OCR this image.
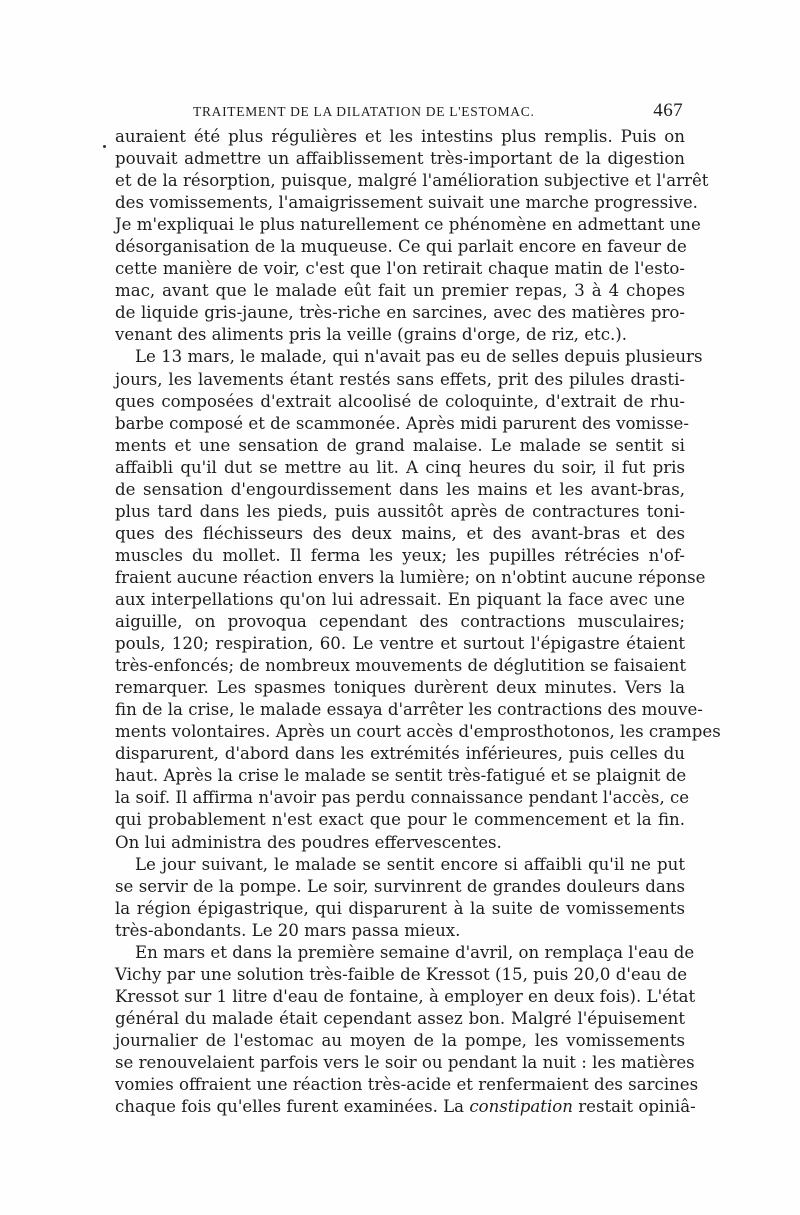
TRAITEMENT DE LA DILATATION DE L'ESTOMAC.	467
auraient été plus régulières et les intestins plus remplis. Puis on
pouvait admettre un affaiblissement très-important de la digestion
et de la résorption, puisque, malgré l'amélioration subjective et l'arrêt
des vomissements, l'amaigrissement suivait une marche progressive.
Je m'expliquai le plus naturellement ce phénomène en admettant une
désorganisation de la muqueuse. Ce qui parlait encore en faveur de
cette manière de voir, c'est que l'on retirait chaque matin de l'esto-
mac, avant que le malade eût fait un premier repas, 3 à 4 chopes
de liquide gris-jaune, très-riche en sarcines, avec des matières pro-
venant des aliments pris la veille (grains d'orge, de riz, etc.).
Le 13 mars, le malade, qui n'avait pas eu de selles depuis plusieurs
jours, les lavements étant restés sans effets, prit des pilules drasti-
ques composées d'extrait alcoolisé de coloquinte, d'extrait de rhu-
barbe composé et de scammonée. Après midi parurent des vomisse-
ments et une sensation de grand malaise. Le malade se sentit si
affaibli qu'il dut se mettre au lit. A cinq heures du soir, il fut pris
de sensation d'engourdissement dans les mains et les avant-bras,
plus tard dans les pieds, puis aussitôt après de contractures toni-
ques des fléchisseurs des deux mains, et des avant-bras et des
muscles du mollet. Il ferma les yeux; les pupilles rétrécies n'of-
fraient aucune réaction envers la lumière; on n'obtint aucune réponse
aux interpellations qu'on lui adressait. En piquant la face avec une
aiguille, on provoqua cependant des contractions musculaires;
pouls, 120; respiration, 60. Le ventre et surtout l'épigastre étaient
très-enfoncés; de nombreux mouvements de déglutition se faisaient
remarquer. Les spasmes toniques durèrent deux minutes. Vers la
fin de la crise, le malade essaya d'arrêter les contractions des mouve-
ments volontaires. Après un court accès d'emprosthotonos, les crampes
disparurent, d'abord dans les extrémités inférieures, puis celles du
haut. Après la crise le malade se sentit très-fatigué et se plaignit de
la soif. Il affirma n'avoir pas perdu connaissance pendant l'accès, ce
qui probablement n'est exact que pour le commencement et la fin.
On lui administra des poudres effervescentes.
Le jour suivant, le malade se sentit encore si affaibli qu'il ne put
se servir de la pompe. Le soir, survinrent de grandes douleurs dans
la région épigastrique, qui disparurent à la suite de vomissements
très-abondants. Le 20 mars passa mieux.
En mars et dans la première semaine d'avril, on remplaça l'eau de
Vichy par une solution très-faible de Kressot (15, puis 20,0 d'eau de
Kressot sur 1 litre d'eau de fontaine, à employer en deux fois). L'état
général du malade était cependant assez bon. Malgré l'épuisement
journalier de l'estomac au moyen de la pompe, les vomissements
se renouvelaient parfois vers le soir ou pendant la nuit : les matières
vomies offraient une réaction très-acide et renfermaient des sarcines
chaque fois qu'elles furent examinées. La constipation restait opiniâ-
